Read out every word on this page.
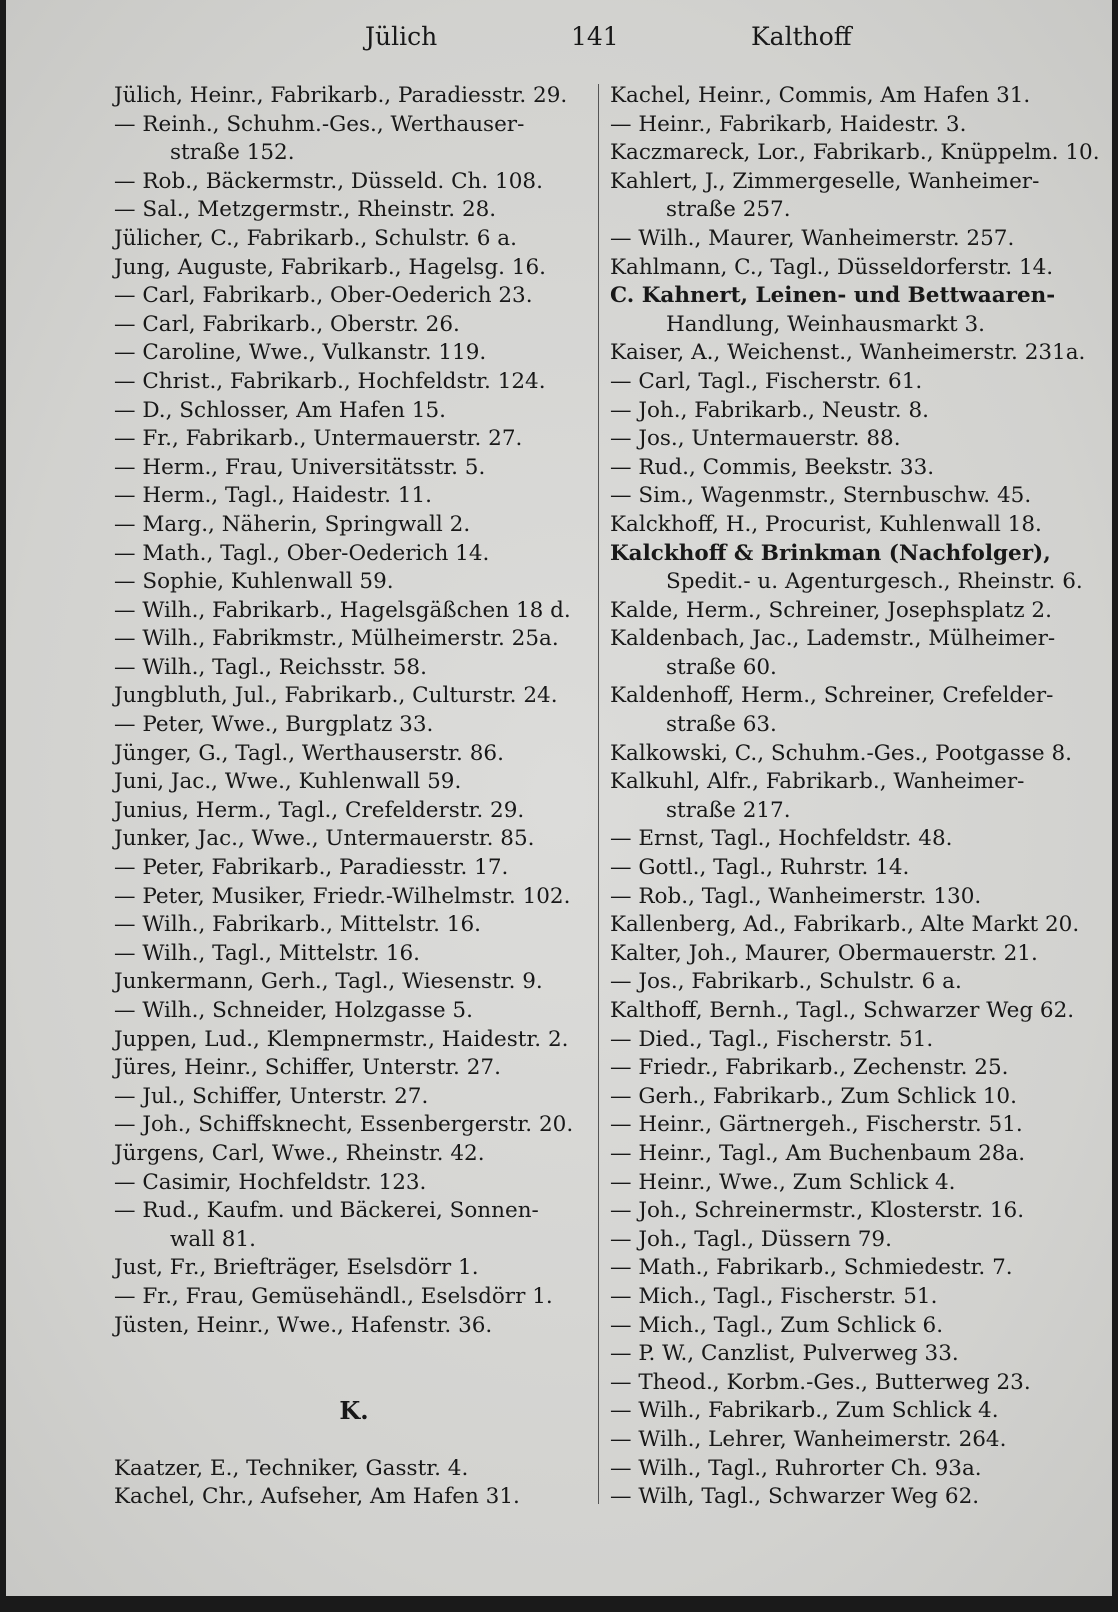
Jülich	141	Kalthoff
Jülich, Heinr., Fabrikarb., Paradiesstr. 29.
— Reinh., Schuhm.-Ges., Werthauser-
straße 152.
— Rob., Bäckermstr., Düsseld. Ch. 108.
— Sal., Metzgermstr., Rheinstr. 28.
Jülicher, C., Fabrikarb., Schulstr. 6 a.
Jung, Auguste, Fabrikarb., Hagelsg. 16.
— Carl, Fabrikarb., Ober-Oederich 23.
— Carl, Fabrikarb., Oberstr. 26.
— Caroline, Wwe., Vulkanstr. 119.
— Christ., Fabrikarb., Hochfeldstr. 124.
— D., Schlosser, Am Hafen 15.
— Fr., Fabrikarb., Untermauerstr. 27.
— Herm., Frau, Universitätsstr. 5.
— Herm., Tagl., Haidestr. 11.
— Marg., Näherin, Springwall 2.
— Math., Tagl., Ober-Oederich 14.
— Sophie, Kuhlenwall 59.
— Wilh., Fabrikarb., Hagelsgäßchen 18 d.
— Wilh., Fabrikmstr., Mülheimerstr. 25a.
— Wilh., Tagl., Reichsstr. 58.
Jungbluth, Jul., Fabrikarb., Culturstr. 24.
— Peter, Wwe., Burgplatz 33.
Jünger, G., Tagl., Werthauserstr. 86.
Juni, Jac., Wwe., Kuhlenwall 59.
Junius, Herm., Tagl., Crefelderstr. 29.
Junker, Jac., Wwe., Untermauerstr. 85.
— Peter, Fabrikarb., Paradiesstr. 17.
— Peter, Musiker, Friedr.-Wilhelmstr. 102.
— Wilh., Fabrikarb., Mittelstr. 16.
— Wilh., Tagl., Mittelstr. 16.
Junkermann, Gerh., Tagl., Wiesenstr. 9.
— Wilh., Schneider, Holzgasse 5.
Juppen, Lud., Klempnermstr., Haidestr. 2.
Jüres, Heinr., Schiffer, Unterstr. 27.
— Jul., Schiffer, Unterstr. 27.
— Joh., Schiffsknecht, Essenbergerstr. 20.
Jürgens, Carl, Wwe., Rheinstr. 42.
— Casimir, Hochfeldstr. 123.
— Rud., Kaufm. und Bäckerei, Sonnen-
wall 81.
Just, Fr., Briefträger, Eselsdörr 1.
— Fr., Frau, Gemüsehändl., Eselsdörr 1.
Jüsten, Heinr., Wwe., Hafenstr. 36.
K.
Kaatzer, E., Techniker, Gasstr. 4.
Kachel, Chr., Aufseher, Am Hafen 31.
Kachel, Heinr., Commis, Am Hafen 31.
— Heinr., Fabrikarb, Haidestr. 3.
Kaczmareck, Lor., Fabrikarb., Knüppelm. 10.
Kahlert, J., Zimmergeselle, Wanheimer-
straße 257.
— Wilh., Maurer, Wanheimerstr. 257.
Kahlmann, C., Tagl., Düsseldorferstr. 14.
C. Kahnert, Leinen- und Bettwaaren-
Handlung, Weinhausmarkt 3.
Kaiser, A., Weichenst., Wanheimerstr. 231a.
— Carl, Tagl., Fischerstr. 61.
— Joh., Fabrikarb., Neustr. 8.
— Jos., Untermauerstr. 88.
— Rud., Commis, Beekstr. 33.
— Sim., Wagenmstr., Sternbuschw. 45.
Kalckhoff, H., Procurist, Kuhlenwall 18.
Kalckhoff & Brinkman (Nachfolger),
Spedit.- u. Agenturgesch., Rheinstr. 6.
Kalde, Herm., Schreiner, Josephsplatz 2.
Kaldenbach, Jac., Lademstr., Mülheimer-
straße 60.
Kaldenhoff, Herm., Schreiner, Crefelder-
straße 63.
Kalkowski, C., Schuhm.-Ges., Pootgasse 8.
Kalkuhl, Alfr., Fabrikarb., Wanheimer-
straße 217.
— Ernst, Tagl., Hochfeldstr. 48.
— Gottl., Tagl., Ruhrstr. 14.
— Rob., Tagl., Wanheimerstr. 130.
Kallenberg, Ad., Fabrikarb., Alte Markt 20.
Kalter, Joh., Maurer, Obermauerstr. 21.
— Jos., Fabrikarb., Schulstr. 6 a.
Kalthoff, Bernh., Tagl., Schwarzer Weg 62.
— Died., Tagl., Fischerstr. 51.
— Friedr., Fabrikarb., Zechenstr. 25.
— Gerh., Fabrikarb., Zum Schlick 10.
— Heinr., Gärtnergeh., Fischerstr. 51.
— Heinr., Tagl., Am Buchenbaum 28a.
— Heinr., Wwe., Zum Schlick 4.
— Joh., Schreinermstr., Klosterstr. 16.
— Joh., Tagl., Düssern 79.
— Math., Fabrikarb., Schmiedestr. 7.
— Mich., Tagl., Fischerstr. 51.
— Mich., Tagl., Zum Schlick 6.
— P. W., Canzlist, Pulverweg 33.
— Theod., Korbm.-Ges., Butterweg 23.
— Wilh., Fabrikarb., Zum Schlick 4.
— Wilh., Lehrer, Wanheimerstr. 264.
— Wilh., Tagl., Ruhrorter Ch. 93a.
— Wilh, Tagl., Schwarzer Weg 62.
